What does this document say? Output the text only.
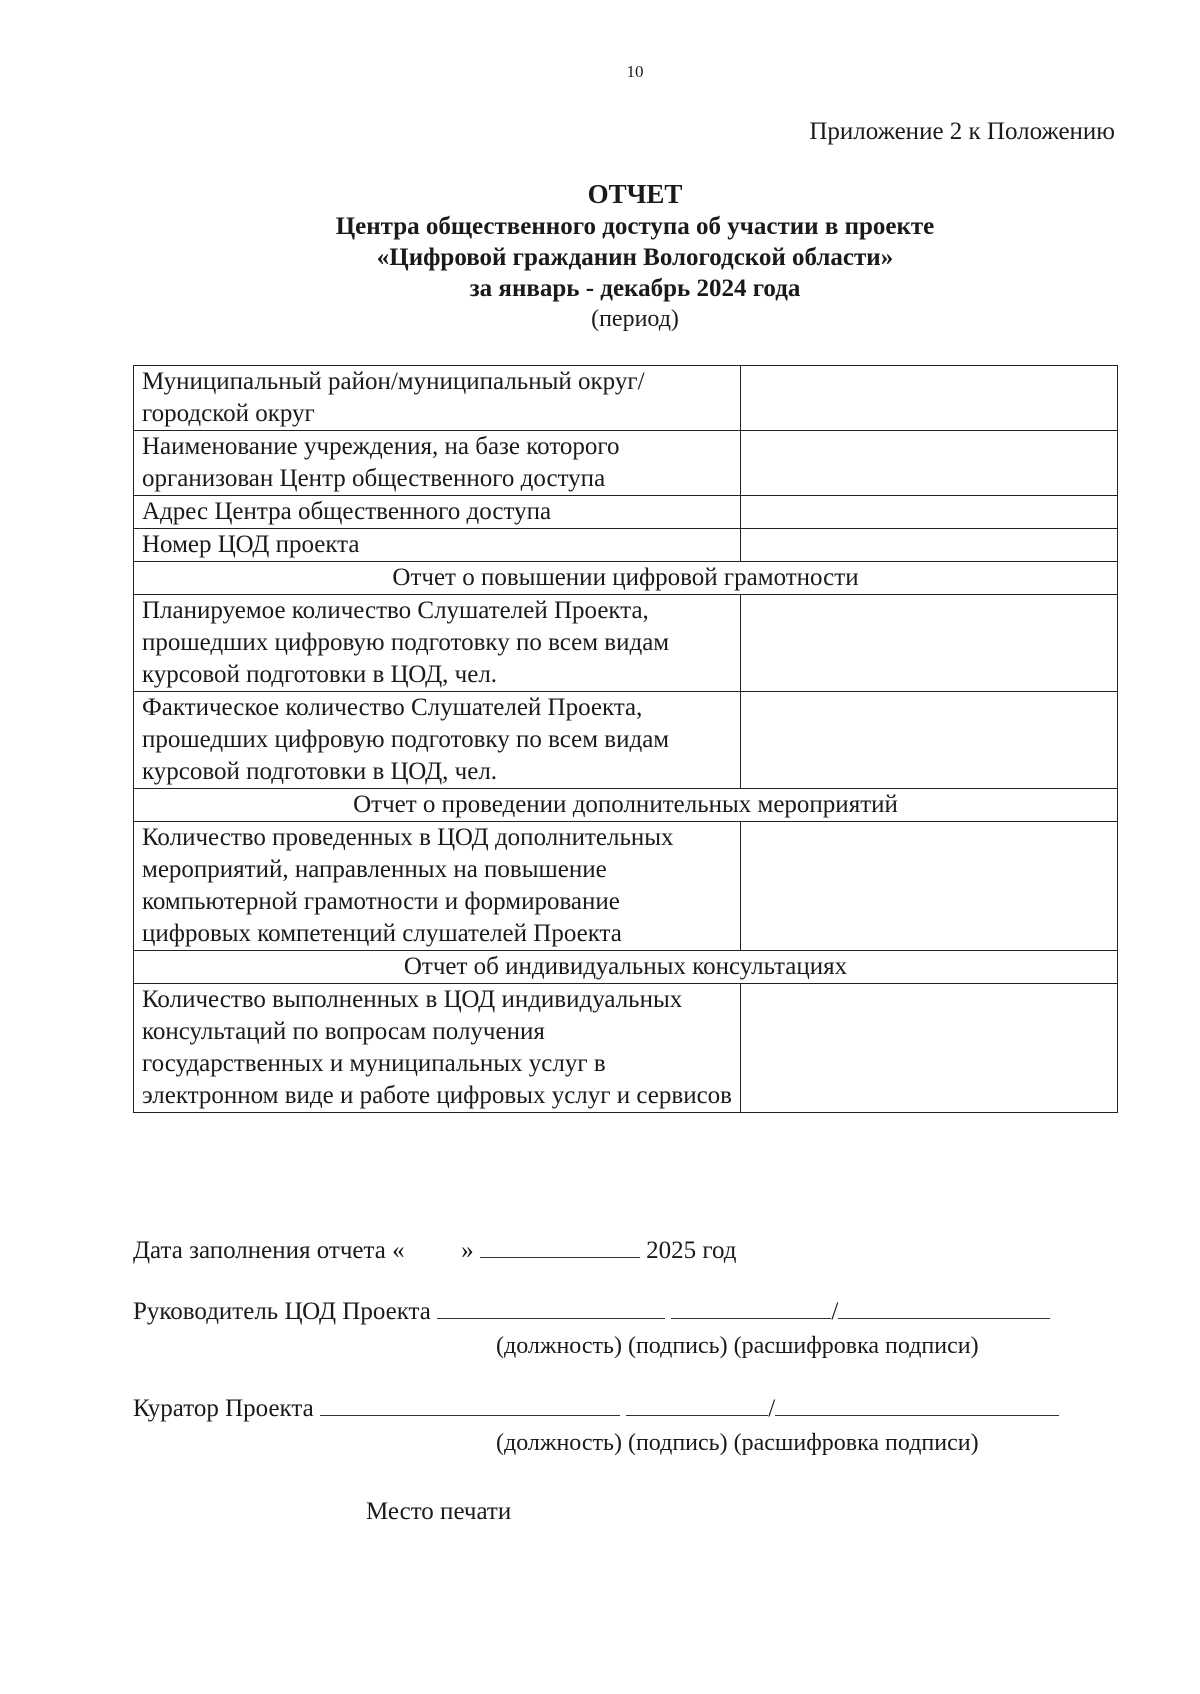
10
Приложение 2 к Положению
ОТЧЕТ
Центра общественного доступа об участии в проекте
«Цифровой гражданин Вологодской области»
за январь - декабрь 2024 года
(период)
Муниципальный район/муниципальный округ/городской округ	
Наименование учреждения, на базе которого организован Центр общественного доступа	
Адрес Центра общественного доступа	
Номер ЦОД проекта	
Отчет о повышении цифровой грамотности	
Планируемое количество Слушателей Проекта, прошедших цифровую подготовку по всем видам курсовой подготовки в ЦОД, чел.	
Фактическое количество Слушателей Проекта, прошедших цифровую подготовку по всем видам курсовой подготовки в ЦОД, чел.	
Отчет о проведении дополнительных мероприятий	
Количество проведенных в ЦОД дополнительных мероприятий, направленных на повышение компьютерной грамотности и формирование цифровых компетенций слушателей Проекта	
Отчет об индивидуальных консультациях	
Количество выполненных в ЦОД индивидуальных консультаций по вопросам получения государственных и муниципальных услуг в электронном виде и работе цифровых услуг и сервисов	
Дата заполнения отчета « »	2025 год
Руководитель ЦОД Проекта	/
(должность) (подпись) (расшифровка подписи)
Куратор Проекта	/
(должность) (подпись) (расшифровка подписи)
Место печати
